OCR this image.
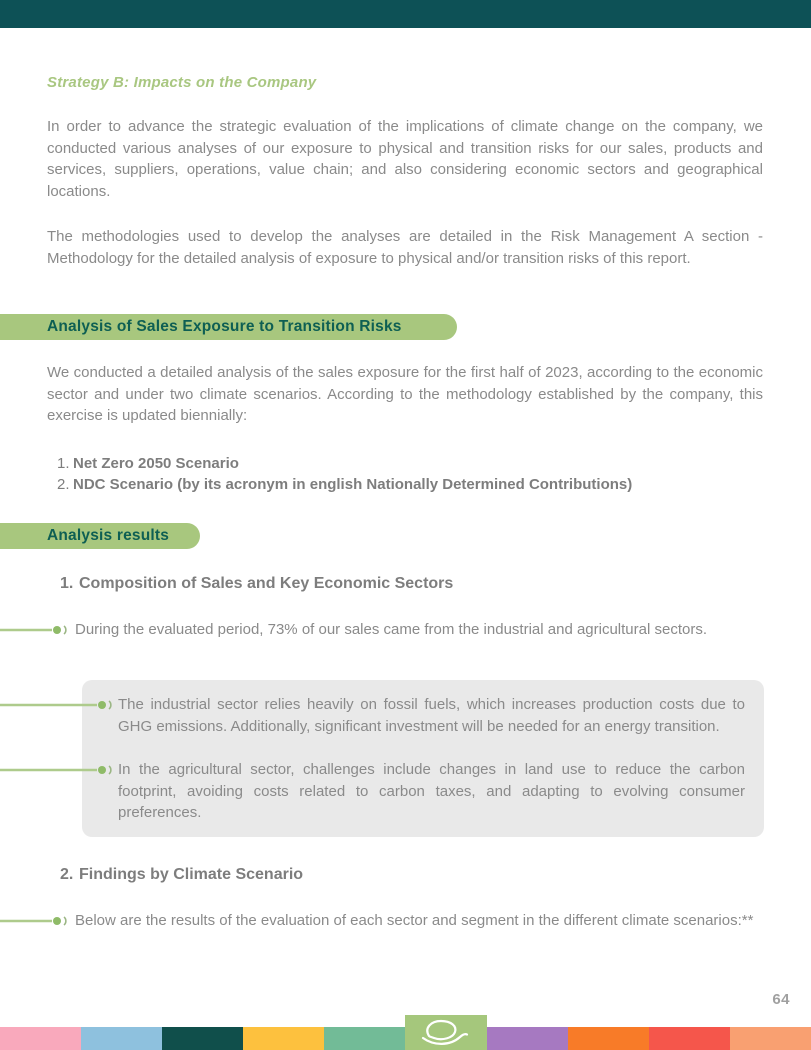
Strategy B: Impacts on the Company

In order to advance the strategic evaluation of the implications of climate change on the company, we conducted various analyses of our exposure to physical and transition risks for our sales, products and services, suppliers, operations, value chain; and also considering economic sectors and geographical locations.

The methodologies used to develop the analyses are detailed in the Risk Management A section - Methodology for the detailed analysis of exposure to physical and/or transition risks of this report.

Analysis of Sales Exposure to Transition Risks

We conducted a detailed analysis of the sales exposure for the first half of 2023, according to the economic sector and under two climate scenarios. According to the methodology established by the company, this exercise is updated biennially:

1. Net Zero 2050 Scenario
2. NDC Scenario (by its acronym in english Nationally Determined Contributions)
Analysis results
1. Composition of Sales and Key Economic Sectors
During the evaluated period, 73% of our sales came from the industrial and agricultural sectors.
The industrial sector relies heavily on fossil fuels, which increases production costs due to GHG emissions. Additionally, significant investment will be needed for an energy transition.
In the agricultural sector, challenges include changes in land use to reduce the carbon footprint, avoiding costs related to carbon taxes, and adapting to evolving consumer preferences.
2. Findings by Climate Scenario
Below are the results of the evaluation of each sector and segment in the different climate scenarios:**
64
